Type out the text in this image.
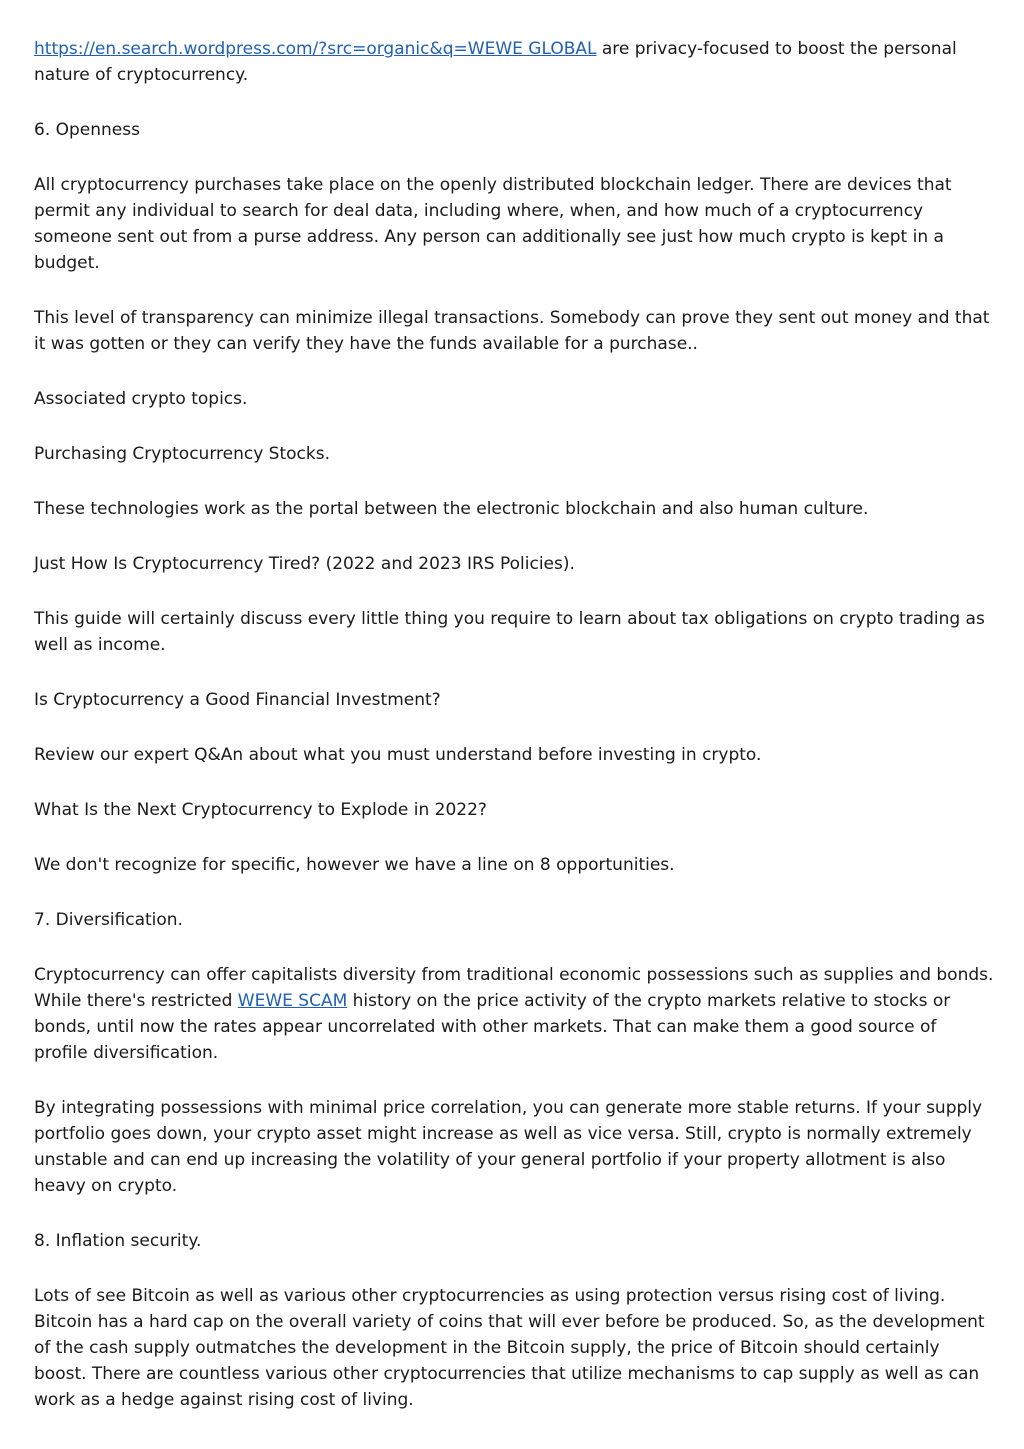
https://en.search.wordpress.com/?src=organic&q=WEWE GLOBAL are privacy-focused to boost the personal nature of cryptocurrency.

6. Openness

All cryptocurrency purchases take place on the openly distributed blockchain ledger. There are devices that permit any individual to search for deal data, including where, when, and how much of a cryptocurrency someone sent out from a purse address. Any person can additionally see just how much crypto is kept in a budget.

This level of transparency can minimize illegal transactions. Somebody can prove they sent out money and that it was gotten or they can verify they have the funds available for a purchase..

Associated crypto topics.

Purchasing Cryptocurrency Stocks.

These technologies work as the portal between the electronic blockchain and also human culture.

Just How Is Cryptocurrency Tired? (2022 and 2023 IRS Policies).

This guide will certainly discuss every little thing you require to learn about tax obligations on crypto trading as well as income.

Is Cryptocurrency a Good Financial Investment?

Review our expert Q&An about what you must understand before investing in crypto.

What Is the Next Cryptocurrency to Explode in 2022?

We don't recognize for specific, however we have a line on 8 opportunities.

7. Diversification.

Cryptocurrency can offer capitalists diversity from traditional economic possessions such as supplies and bonds. While there's restricted WEWE SCAM history on the price activity of the crypto markets relative to stocks or bonds, until now the rates appear uncorrelated with other markets. That can make them a good source of profile diversification.

By integrating possessions with minimal price correlation, you can generate more stable returns. If your supply portfolio goes down, your crypto asset might increase as well as vice versa. Still, crypto is normally extremely unstable and can end up increasing the volatility of your general portfolio if your property allotment is also heavy on crypto.

8. Inflation security.

Lots of see Bitcoin as well as various other cryptocurrencies as using protection versus rising cost of living. Bitcoin has a hard cap on the overall variety of coins that will ever before be produced. So, as the development of the cash supply outmatches the development in the Bitcoin supply, the price of Bitcoin should certainly boost. There are countless various other cryptocurrencies that utilize mechanisms to cap supply as well as can work as a hedge against rising cost of living.
